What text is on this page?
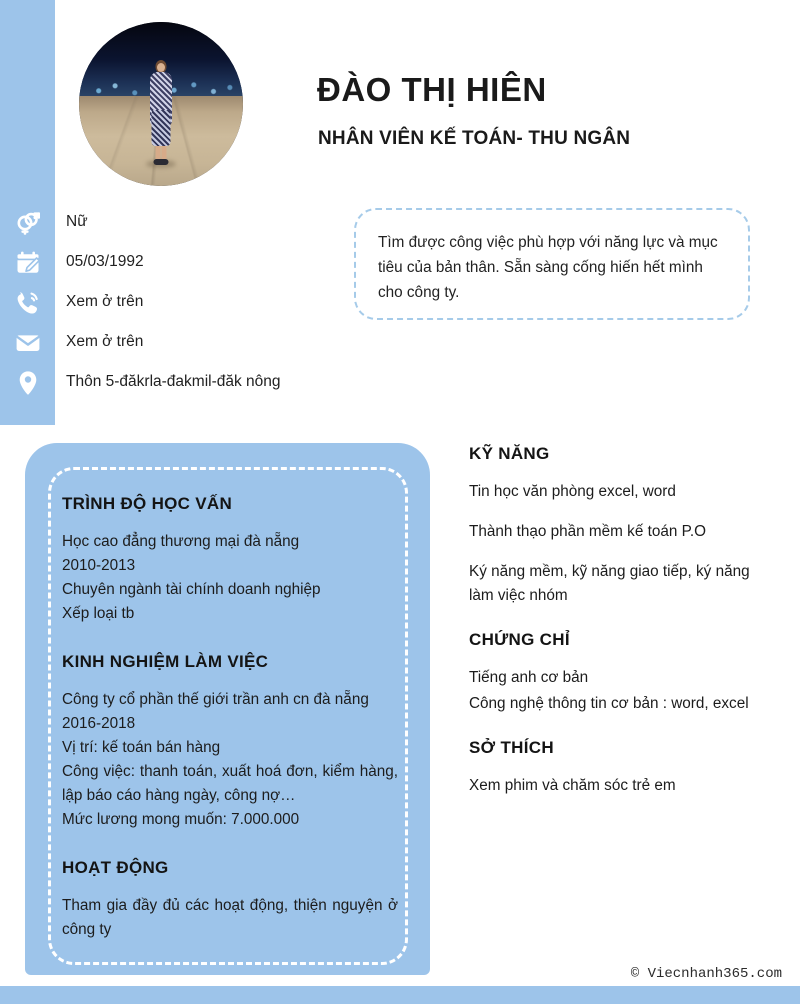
ĐÀO THỊ HIÊN
NHÂN VIÊN KẾ TOÁN- THU NGÂN
Nữ
05/03/1992
Xem ở trên
Xem ở trên
Thôn 5-đăkrla-đakmil-đăk nông
Tìm được công việc phù hợp với năng lực và mục tiêu của bản thân. Sẵn sàng cống hiến hết mình cho công ty.
TRÌNH ĐỘ HỌC VẤN
Học cao đẳng thương mại đà nẵng
2010-2013
Chuyên ngành tài chính doanh nghiệp
Xếp loại tb
KINH NGHIỆM LÀM VIỆC
Công ty cổ phần thế giới trần anh cn đà nẵng
2016-2018
Vị trí: kế toán bán hàng
Công việc: thanh toán, xuất hoá đơn, kiểm hàng, lập báo cáo hàng ngày, công nợ…
Mức lương mong muốn: 7.000.000
HOẠT ĐỘNG
Tham gia đầy đủ các hoạt động, thiện nguyện ở công ty
KỸ NĂNG
Tin học văn phòng excel, word
Thành thạo phần mềm kế toán P.O
Ký năng mềm, kỹ năng giao tiếp, ký năng làm việc nhóm
CHỨNG CHỈ
Tiếng anh cơ bản
Công nghệ thông tin cơ bản : word, excel
SỞ THÍCH
Xem phim và chăm sóc trẻ em
© Viecnhanh365.com
